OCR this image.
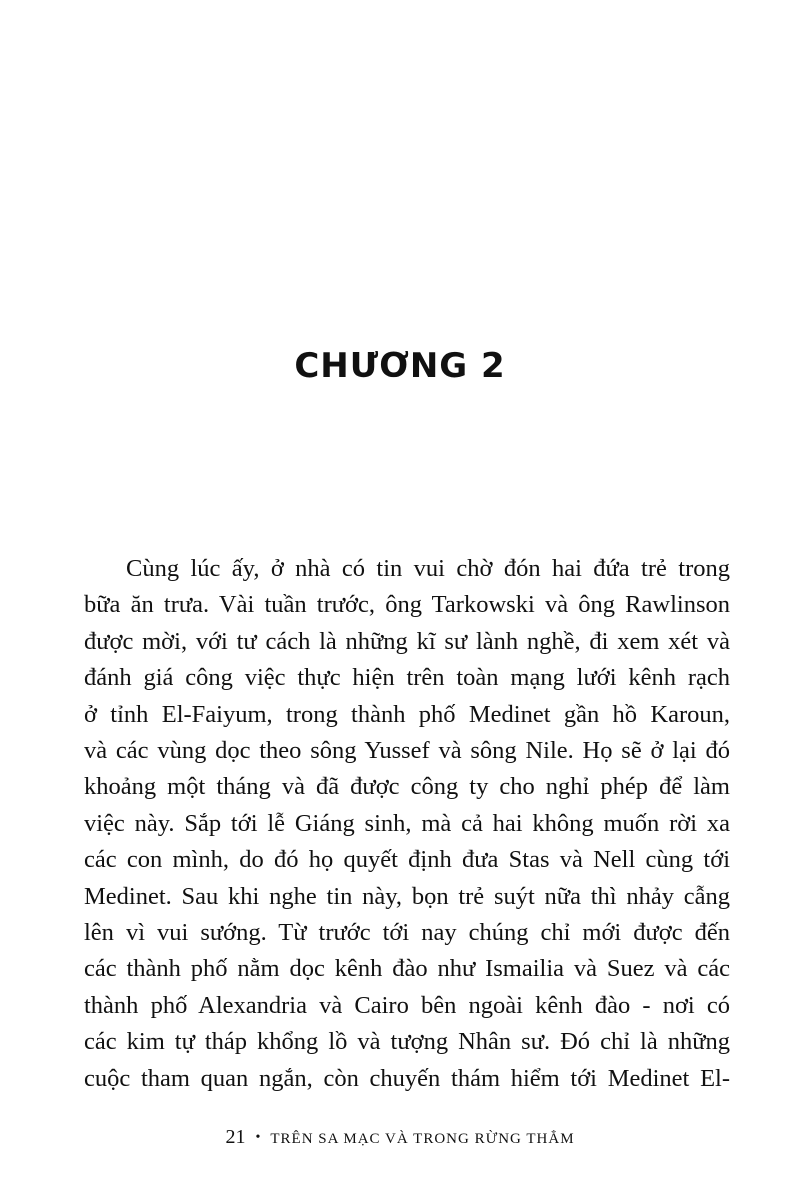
CHƯƠNG 2
Cùng lúc ấy, ở nhà có tin vui chờ đón hai đứa trẻ trong
bữa ăn trưa. Vài tuần trước, ông Tarkowski và ông Rawlinson
được mời, với tư cách là những kĩ sư lành nghề, đi xem xét và
đánh giá công việc thực hiện trên toàn mạng lưới kênh rạch
ở tỉnh El-Faiyum, trong thành phố Medinet gần hồ Karoun,
và các vùng dọc theo sông Yussef và sông Nile. Họ sẽ ở lại đó
khoảng một tháng và đã được công ty cho nghỉ phép để làm
việc này. Sắp tới lễ Giáng sinh, mà cả hai không muốn rời xa
các con mình, do đó họ quyết định đưa Stas và Nell cùng tới
Medinet. Sau khi nghe tin này, bọn trẻ suýt nữa thì nhảy cẫng
lên vì vui sướng. Từ trước tới nay chúng chỉ mới được đến
các thành phố nằm dọc kênh đào như Ismailia và Suez và các
thành phố Alexandria và Cairo bên ngoài kênh đào - nơi có
các kim tự tháp khổng lồ và tượng Nhân sư. Đó chỉ là những
cuộc tham quan ngắn, còn chuyến thám hiểm tới Medinet El-
21 • TRÊN SA MẠC VÀ TRONG RỪNG THẲM
